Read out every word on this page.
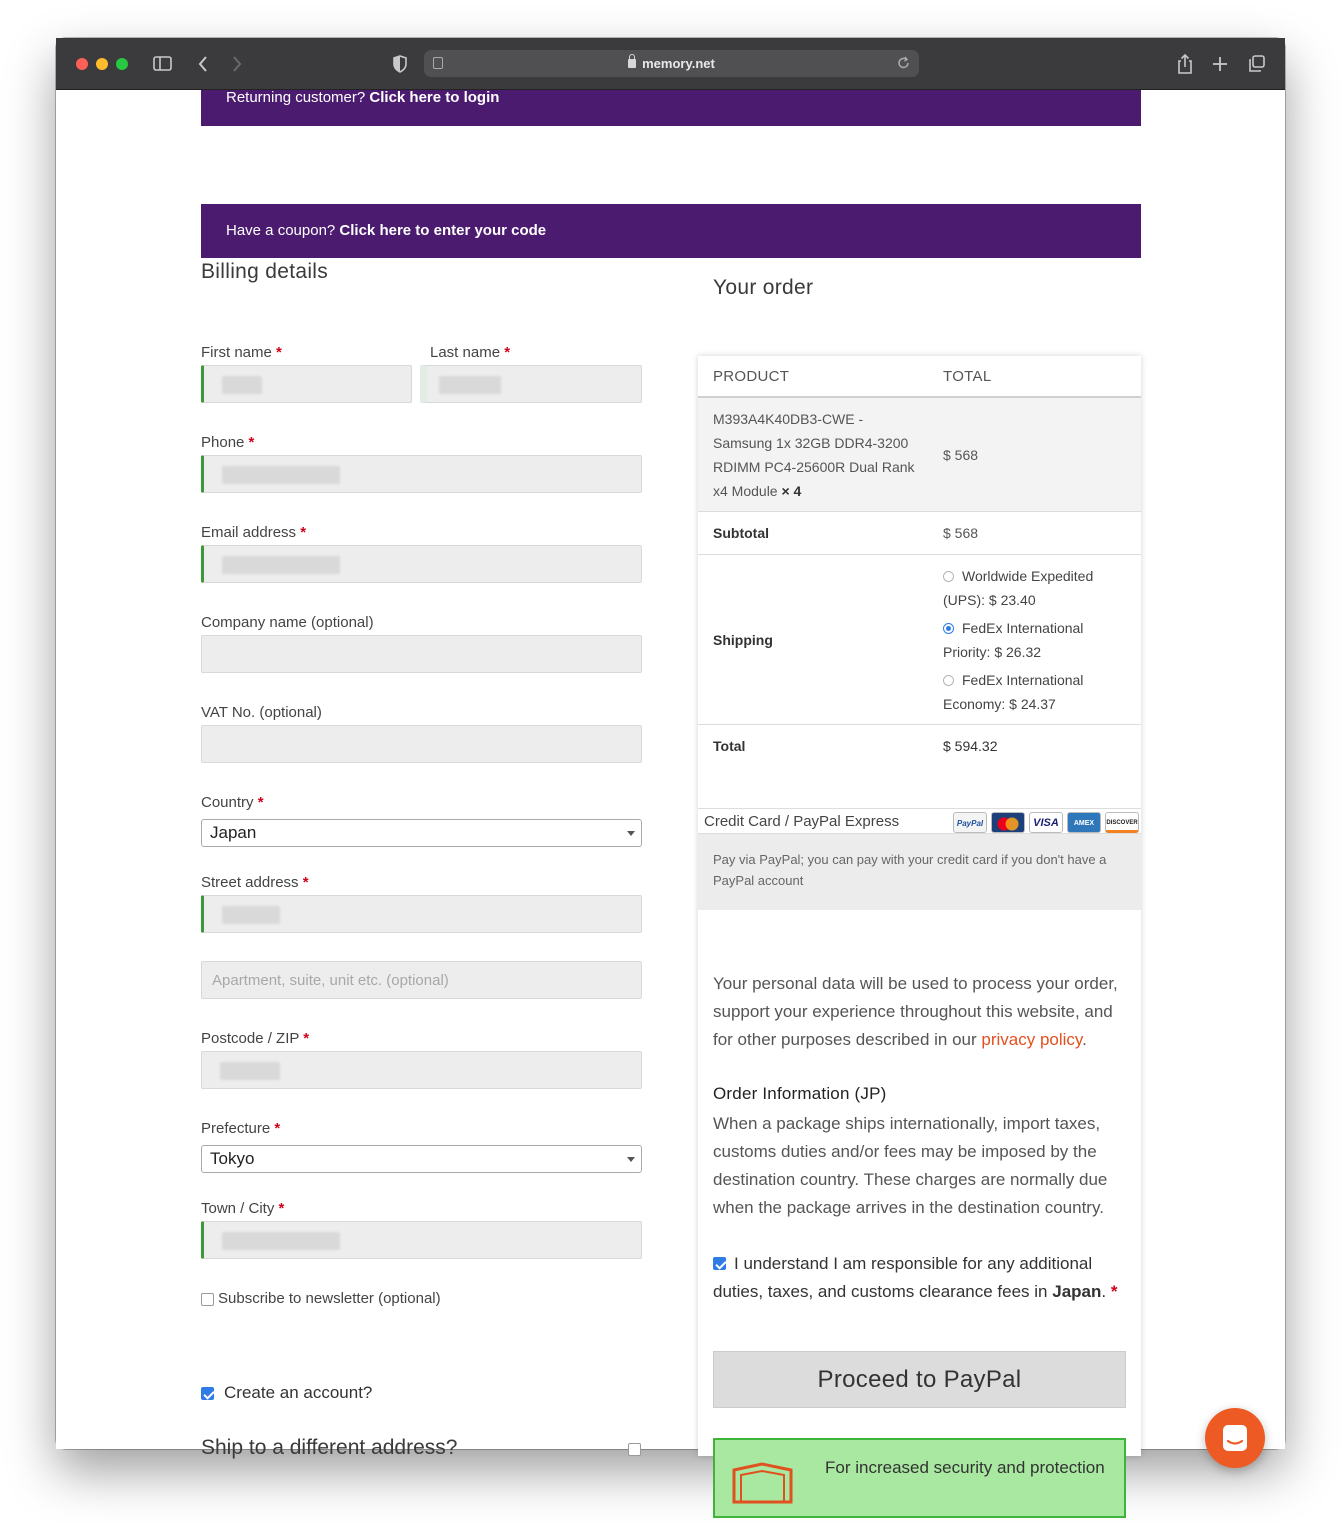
memory.net
Returning customer? Click here to login
Have a coupon? Click here to enter your code
Billing details
First name *	Last name *
Phone *
Email address *
Company name (optional)
VAT No. (optional)
Country *
Japan
Street address *
Apartment, suite, unit etc. (optional)
Postcode / ZIP *
Prefecture *
Tokyo
Town / City *
Subscribe to newsletter (optional)
Create an account?
Ship to a different address?
Your order
PRODUCT	TOTAL
M393A4K40DB3-CWE - Samsung 1x 32GB DDR4-3200 RDIMM PC4-25600R Dual Rank x4 Module × 4
$ 568
Subtotal	$ 568
Shipping
Worldwide Expedited (UPS): $ 23.40
FedEx International Priority: $ 26.32
FedEx International Economy: $ 24.37
Total	$ 594.32
Credit Card / PayPal Express	PayPal	VISA	AMEX	DISCOVER
Pay via PayPal; you can pay with your credit card if you don't have a PayPal account
Your personal data will be used to process your order, support your experience throughout this website, and for other purposes described in our privacy policy.
Order Information (JP)
When a package ships internationally, import taxes, customs duties and/or fees may be imposed by the destination country. These charges are normally due when the package arrives in the destination country.
I understand I am responsible for any additional duties, taxes, and customs clearance fees in Japan. *
Proceed to PayPal
For increased security and protection
